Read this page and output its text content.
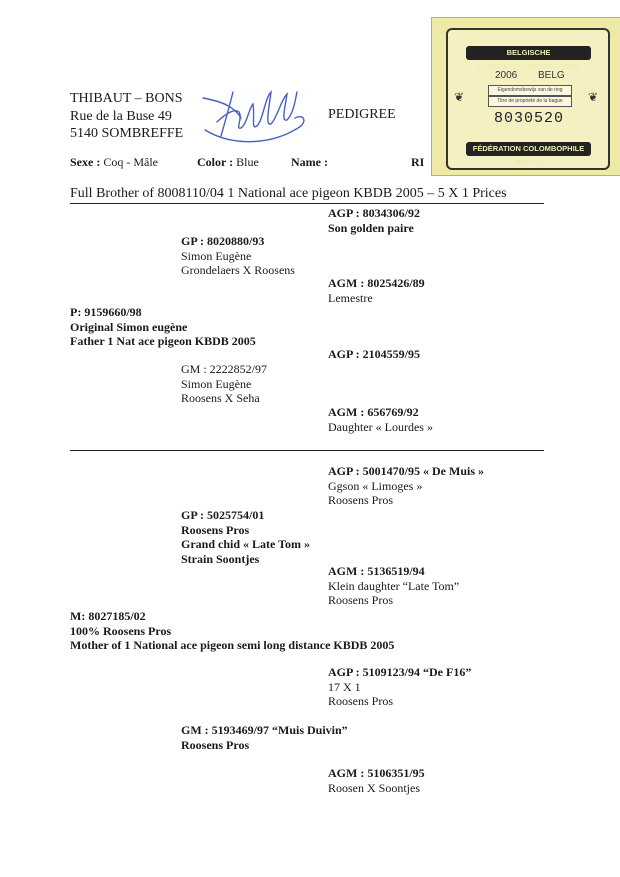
THIBAUT – BONS
Rue de la Buse 49
5140 SOMBREFFE
PEDIGREE
Sexe : Coq - Mâle	Color : Blue	Name :	RI
BELGISCHE DUIVENLIEFHEBBERSBOND
2006 BELG
Eigendomsbewijs van de ring
Titre de propriété de la bague
8030520
FÉDÉRATION COLOMBOPHILE BELGE
❦	❦
Full Brother of 8008110/04 1 National ace pigeon KBDB 2005 – 5 X 1 Prices
AGP : 8034306/92
Son golden paire
GP : 8020880/93
Simon Eugène
Grondelaers X Roosens
AGM : 8025426/89
Lemestre
P: 9159660/98
Original Simon eugène
Father 1 Nat ace pigeon KBDB 2005
AGP : 2104559/95
GM : 2222852/97
Simon Eugène
Roosens X Seha
AGM : 656769/92
Daughter « Lourdes »
AGP : 5001470/95 « De Muis »
Ggson « Limoges »
Roosens Pros
GP : 5025754/01
Roosens Pros
Grand chid « Late Tom »
Strain Soontjes
AGM : 5136519/94
Klein daughter “Late Tom”
Roosens Pros
M: 8027185/02
100% Roosens Pros
Mother of 1 National ace pigeon semi long distance KBDB 2005
AGP : 5109123/94 “De F16”
17 X 1
Roosens Pros
GM : 5193469/97 “Muis Duivin”
Roosens Pros
AGM : 5106351/95
Roosen X Soontjes
